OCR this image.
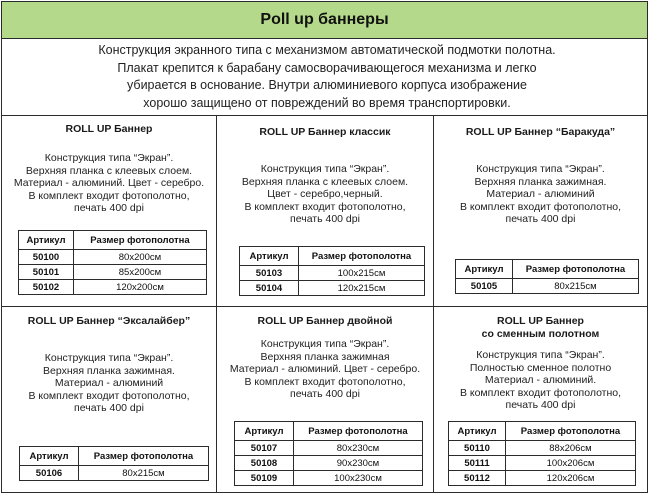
Poll up баннеры
Конструкция экранного типа с механизмом автоматической подмотки полотна.
Плакат крепится к барабану самосворачивающегося механизма и легко
убирается в основание. Внутри алюминиевого корпуса изображение
хорошо защищено от повреждений во время транспортировки.
ROLL UP Баннер
Конструкция типа “Экран”.
Верхняя планка с клеевых слоем.
Материал - алюминий. Цвет - серебро.
В комплект входит фотополотно,
печать 400 dpi
Артикул	Размер фотополотна
50100	80x200см
50101	85x200см
50102	120x200см
ROLL UP Баннер классик
Конструкция типа “Экран”.
Верхняя планка с клеевых слоем.
Цвет - серебро,черный.
В комплект входит фотополотно,
печать 400 dpi
Артикул	Размер фотополотна
50103	100x215см
50104	120x215см
ROLL UP Баннер “Баракуда”
Конструкция типа “Экран”.
Верхняя планка зажимная.
Материал - алюминий
В комплект входит фотополотно,
печать 400 dpi
Артикул	Размер фотополотна
50105	80x215см
ROLL UP Баннер “Эксалайбер”
Конструкция типа “Экран”.
Верхняя планка зажимная.
Материал - алюминий
В комплект входит фотополотно,
печать 400 dpi
Артикул	Размер фотополотна
50106	80x215см
ROLL UP Баннер двойной
Конструкция типа “Экран”.
Верхняя планка зажимная
Материал - алюминий. Цвет - серебро.
В комплект входит фотополотно,
печать 400 dpi
Артикул	Размер фотополотна
50107	80x230см
50108	90x230см
50109	100x230см
ROLL UP Баннер
со сменным полотном
Конструкция типа “Экран”.
Полностью сменное полотно
Материал - алюминий.
В комплект входит фотополотно,
печать 400 dpi
Артикул	Размер фотополотна
50110	88x206см
50111	100x206см
50112	120x206см
